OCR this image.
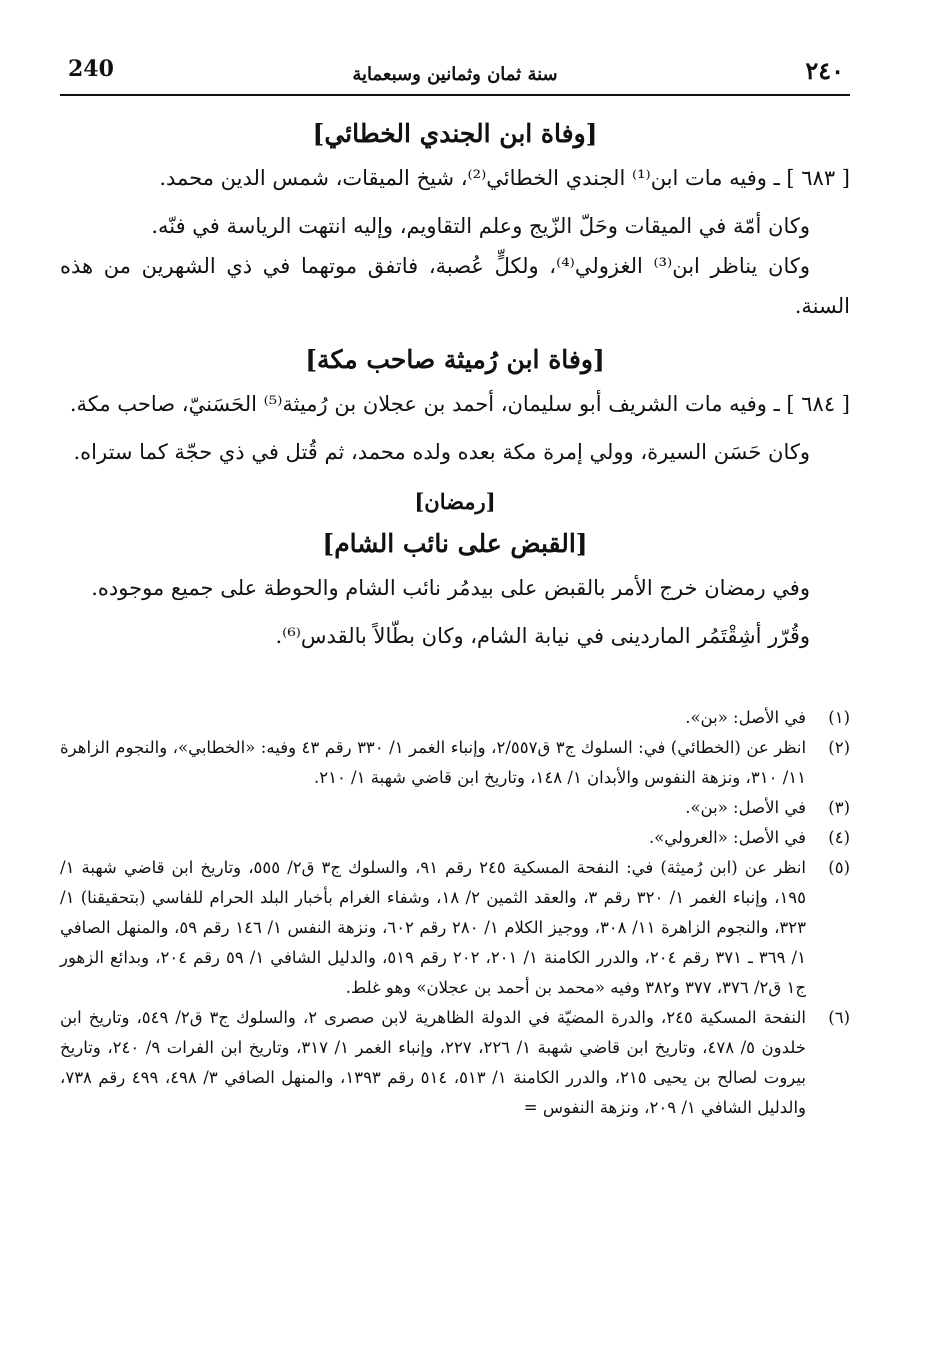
240	سنة ثمان وثمانين وسبعماية	٢٤٠
[وفاة ابن الجندي الخطائي]

[ ٦٨٣ ] ـ وفيه مات ابن⁽¹⁾ الجندي الخطائي⁽²⁾، شيخ الميقات، شمس الدين محمد.

وكان أمّة في الميقات وحَلّ الزّيج وعلم التقاويم، وإليه انتهت الرياسة في فنّه.

وكان يناظر ابن⁽³⁾ الغزولي⁽⁴⁾، ولكلٍّ عُصبة، فاتفق موتهما في ذي الشهرين من هذه السنة.

[وفاة ابن رُميثة صاحب مكة]

[ ٦٨٤ ] ـ وفيه مات الشريف أبو سليمان، أحمد بن عجلان بن رُميثة⁽⁵⁾ الحَسَنيّ، صاحب مكة.

وكان حَسَن السيرة، وولي إمرة مكة بعده ولده محمد، ثم قُتل في ذي حجّة كما ستراه.

[رمضان]
[القبض على نائب الشام]

وفي رمضان خرج الأمر بالقبض على بيدمُر نائب الشام والحوطة على جميع موجوده.

وقُرّر أشِقْتَمُر الماردينى في نيابة الشام، وكان بطّالاً بالقدس⁽⁶⁾.

(١)
في الأصل: «بن».
(٢)
انظر عن (الخطائي) في: السلوك ج٣ ق٢/٥٥٧، وإنباء الغمر ١/ ٣٣٠ رقم ٤٣ وفيه: «الخطابي»، والنجوم الزاهرة ١١/ ٣١٠، ونزهة النفوس والأبدان ١/ ١٤٨، وتاريخ ابن قاضي شهبة ١/ ٢١٠.
(٣)
في الأصل: «بن».
(٤)
في الأصل: «العرولي».
(٥)
انظر عن (ابن رُميثة) في: النفحة المسكية ٢٤٥ رقم ٩١، والسلوك ج٣ ق٢/ ٥٥٥، وتاريخ ابن قاضي شهبة ١/ ١٩٥، وإنباء الغمر ١/ ٣٢٠ رقم ٣، والعقد الثمين ٢/ ١٨، وشفاء الغرام بأخبار البلد الحرام للفاسي (بتحقيقنا) ١/ ٣٢٣، والنجوم الزاهرة ١١/ ٣٠٨، ووجيز الكلام ١/ ٢٨٠ رقم ٦٠٢، ونزهة النفس ١/ ١٤٦ رقم ٥٩، والمنهل الصافي ١/ ٣٦٩ ـ ٣٧١ رقم ٢٠٤، والدرر الكامنة ١/ ٢٠١، ٢٠٢ رقم ٥١٩، والدليل الشافي ١/ ٥٩ رقم ٢٠٤، وبدائع الزهور ج١ ق٢/ ٣٧٦، ٣٧٧ و٣٨٢ وفيه «محمد بن أحمد بن عجلان» وهو غلط.
(٦)
النفحة المسكية ٢٤٥، والدرة المضيّة في الدولة الظاهرية لابن صصرى ٢، والسلوك ج٣ ق٢/ ٥٤٩، وتاريخ ابن خلدون ٥/ ٤٧٨، وتاريخ ابن قاضي شهبة ١/ ٢٢٦، ٢٢٧، وإنباء الغمر ١/ ٣١٧، وتاريخ ابن الفرات ٩/ ٢٤٠، وتاريخ بيروت لصالح بن يحيى ٢١٥، والدرر الكامنة ١/ ٥١٣، ٥١٤ رقم ١٣٩٣، والمنهل الصافي ٣/ ٤٩٨، ٤٩٩ رقم ٧٣٨، والدليل الشافي ١/ ٢٠٩، ونزهة النفوس =
